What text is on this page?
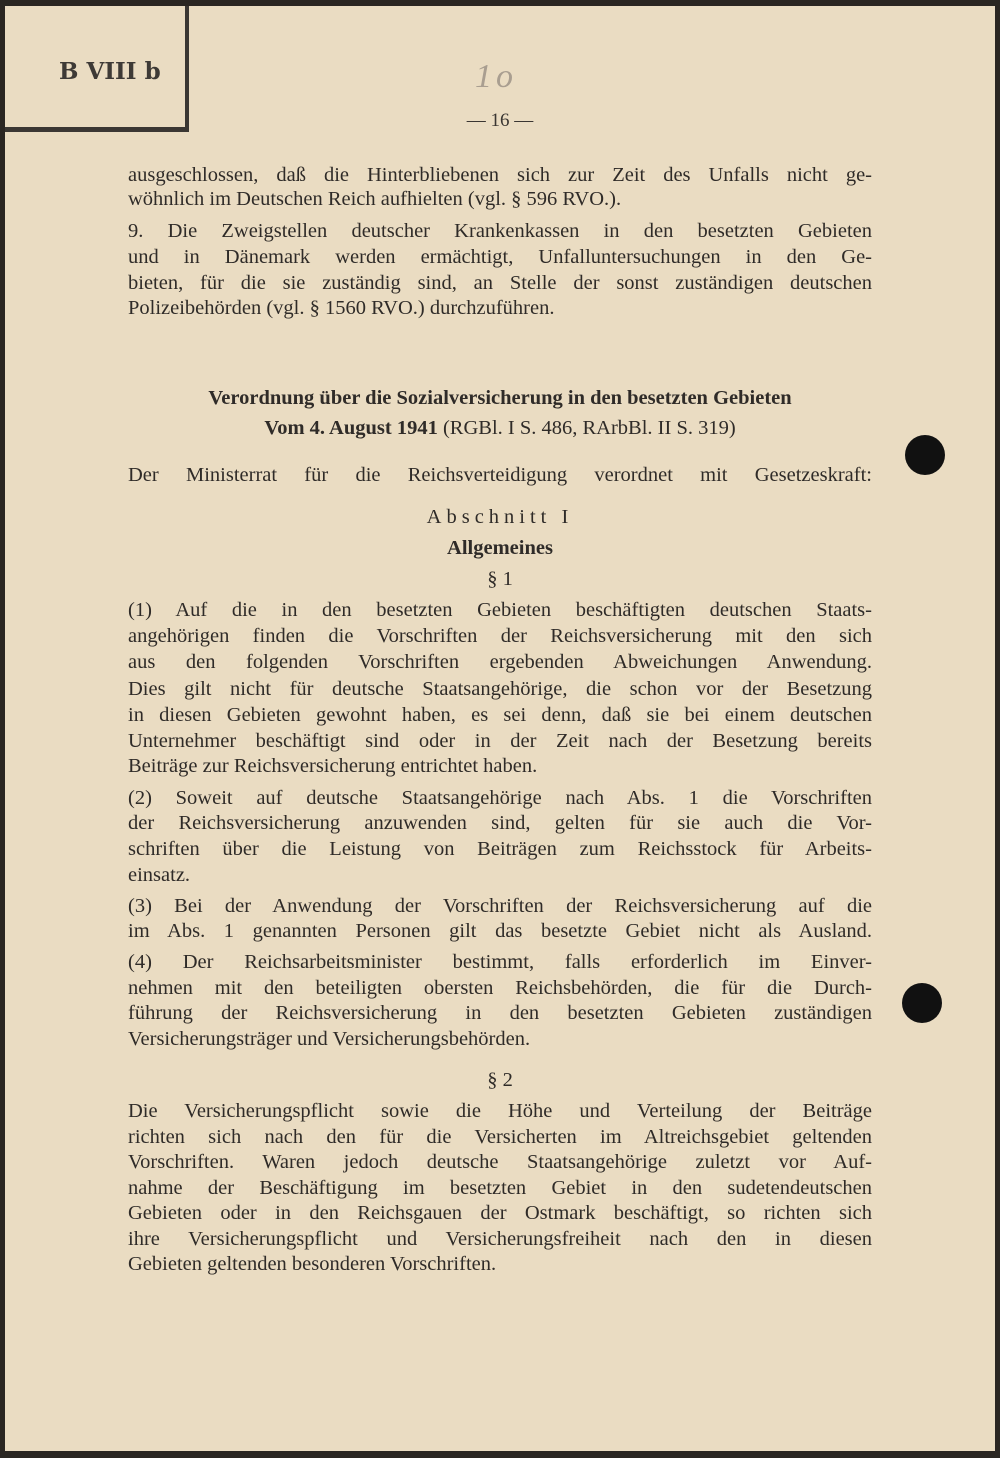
B VIII b	1o
— 16 —
ausgeschlossen, daß die Hinterbliebenen sich zur Zeit des Unfalls nicht ge-
wöhnlich im Deutschen Reich aufhielten (vgl. § 596 RVO.).
9. Die Zweigstellen deutscher Krankenkassen in den besetzten Gebieten
und in Dänemark werden ermächtigt, Unfalluntersuchungen in den Ge-
bieten, für die sie zuständig sind, an Stelle der sonst zuständigen deutschen
Polizeibehörden (vgl. § 1560 RVO.) durchzuführen.
Verordnung über die Sozialversicherung in den besetzten Gebieten
Vom 4. August 1941 (RGBl. I S. 486, RArbBl. II S. 319)
Der Ministerrat für die Reichsverteidigung verordnet mit Gesetzeskraft:
Abschnitt I
Allgemeines
§ 1
(1) Auf die in den besetzten Gebieten beschäftigten deutschen Staats-
angehörigen finden die Vorschriften der Reichsversicherung mit den sich
aus den folgenden Vorschriften ergebenden Abweichungen Anwendung.
Dies gilt nicht für deutsche Staatsangehörige, die schon vor der Besetzung
in diesen Gebieten gewohnt haben, es sei denn, daß sie bei einem deutschen
Unternehmer beschäftigt sind oder in der Zeit nach der Besetzung bereits
Beiträge zur Reichsversicherung entrichtet haben.
(2) Soweit auf deutsche Staatsangehörige nach Abs. 1 die Vorschriften
der Reichsversicherung anzuwenden sind, gelten für sie auch die Vor-
schriften über die Leistung von Beiträgen zum Reichsstock für Arbeits-
einsatz.
(3) Bei der Anwendung der Vorschriften der Reichsversicherung auf die
im Abs. 1 genannten Personen gilt das besetzte Gebiet nicht als Ausland.
(4) Der Reichsarbeitsminister bestimmt, falls erforderlich im Einver-
nehmen mit den beteiligten obersten Reichsbehörden, die für die Durch-
führung der Reichsversicherung in den besetzten Gebieten zuständigen
Versicherungsträger und Versicherungsbehörden.
§ 2
Die Versicherungspflicht sowie die Höhe und Verteilung der Beiträge
richten sich nach den für die Versicherten im Altreichsgebiet geltenden
Vorschriften. Waren jedoch deutsche Staatsangehörige zuletzt vor Auf-
nahme der Beschäftigung im besetzten Gebiet in den sudetendeutschen
Gebieten oder in den Reichsgauen der Ostmark beschäftigt, so richten sich
ihre Versicherungspflicht und Versicherungsfreiheit nach den in diesen
Gebieten geltenden besonderen Vorschriften.
